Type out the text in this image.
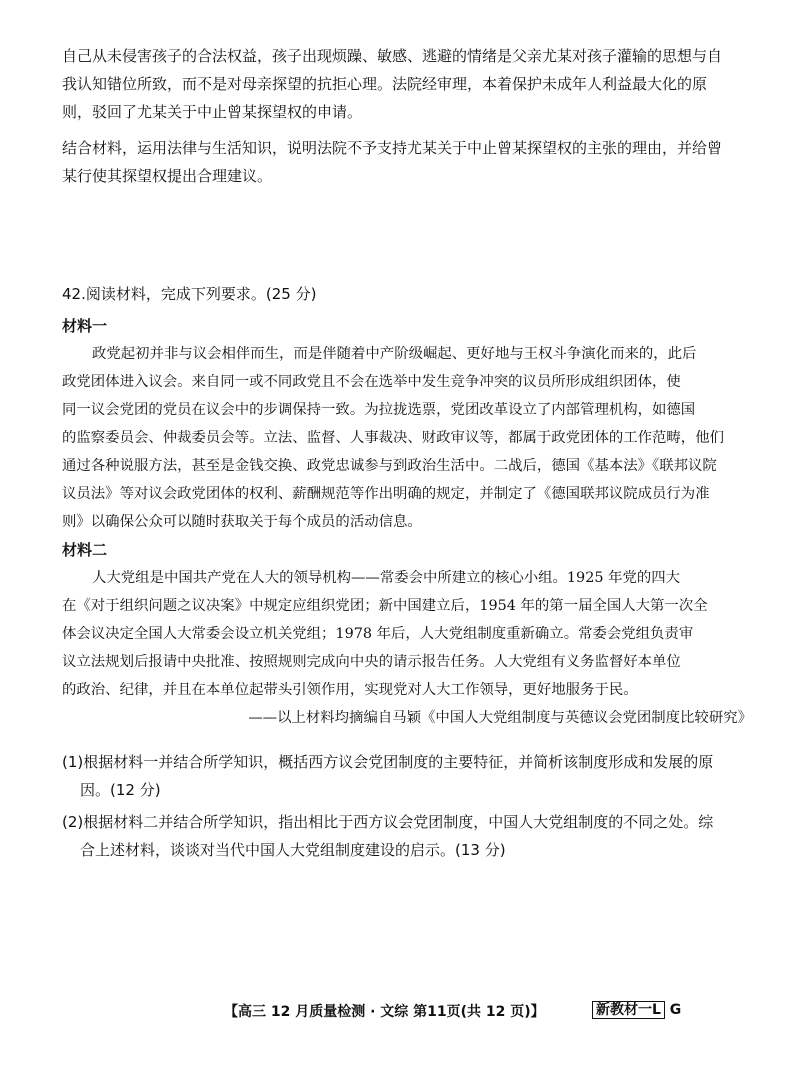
自己从未侵害孩子的合法权益，孩子出现烦躁、敏感、逃避的情绪是父亲尤某对孩子灌输的思想与自
我认知错位所致，而不是对母亲探望的抗拒心理。法院经审理，本着保护未成年人利益最大化的原
则，驳回了尤某关于中止曾某探望权的申请。
结合材料，运用法律与生活知识，说明法院不予支持尤某关于中止曾某探望权的主张的理由，并给曾
某行使其探望权提出合理建议。
42.阅读材料，完成下列要求。(25 分)
材料一
政党起初并非与议会相伴而生，而是伴随着中产阶级崛起、更好地与王权斗争演化而来的，此后
政党团体进入议会。来自同一或不同政党且不会在选举中发生竞争冲突的议员所形成组织团体，使
同一议会党团的党员在议会中的步调保持一致。为拉拢选票，党团改革设立了内部管理机构，如德国
的监察委员会、仲裁委员会等。立法、监督、人事裁决、财政审议等，都属于政党团体的工作范畴，他们
通过各种说服方法，甚至是金钱交换、政党忠诚参与到政治生活中。二战后，德国《基本法》《联邦议院
议员法》等对议会政党团体的权利、薪酬规范等作出明确的规定，并制定了《德国联邦议院成员行为准
则》以确保公众可以随时获取关于每个成员的活动信息。
材料二
人大党组是中国共产党在人大的领导机构——常委会中所建立的核心小组。1925 年党的四大
在《对于组织问题之议决案》中规定应组织党团；新中国建立后，1954 年的第一届全国人大第一次全
体会议决定全国人大常委会设立机关党组；1978 年后，人大党组制度重新确立。常委会党组负责审
议立法规划后报请中央批准、按照规则完成向中央的请示报告任务。人大党组有义务监督好本单位
的政治、纪律，并且在本单位起带头引领作用，实现党对人大工作领导，更好地服务于民。
——以上材料均摘编自马颖《中国人大党组制度与英德议会党团制度比较研究》
(1)根据材料一并结合所学知识，概括西方议会党团制度的主要特征，并简析该制度形成和发展的原
因。(12 分)
(2)根据材料二并结合所学知识，指出相比于西方议会党团制度，中国人大党组制度的不同之处。综
合上述材料，谈谈对当代中国人大党组制度建设的启示。(13 分)
【高三 12 月质量检测 · 文综 第11页(共 12 页)】	新教材一L G
